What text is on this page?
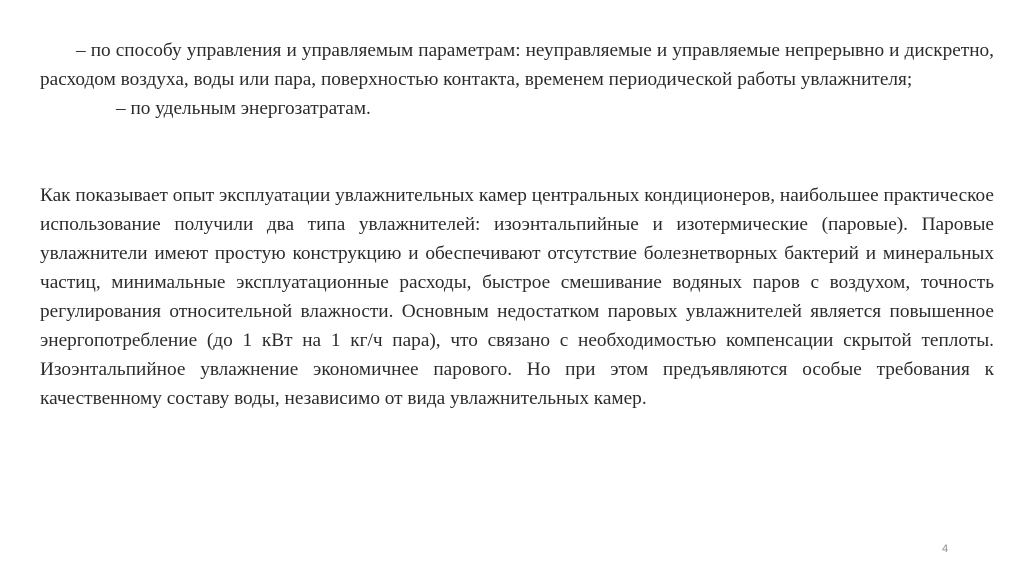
– по способу управления и управляемым параметрам: неуправляемые и управляемые непрерывно и дискретно, расходом воздуха, воды или пара, поверхностью контакта, временем периодической работы увлажнителя;

– по удельным энергозатратам.

Как показывает опыт эксплуатации увлажнительных камер центральных кондиционеров, наибольшее практическое использование получили два типа увлажнителей: изоэнтальпийные и изотермические (паровые). Паровые увлажнители имеют простую конструкцию и обеспечивают отсутствие болезнетворных бактерий и минеральных частиц, минимальные эксплуатационные расходы, быстрое смешивание водяных паров с воздухом, точность регулирования относительной влажности. Основным недостатком паровых увлажнителей является повышенное энергопотребление (до 1 кВт на 1 кг/ч пара), что связано с необходимостью компенсации скрытой теплоты. Изоэнтальпийное увлажнение экономичнее парового. Но при этом предъявляются особые требования к качественному составу воды, независимо от вида увлажнительных камер.

4
